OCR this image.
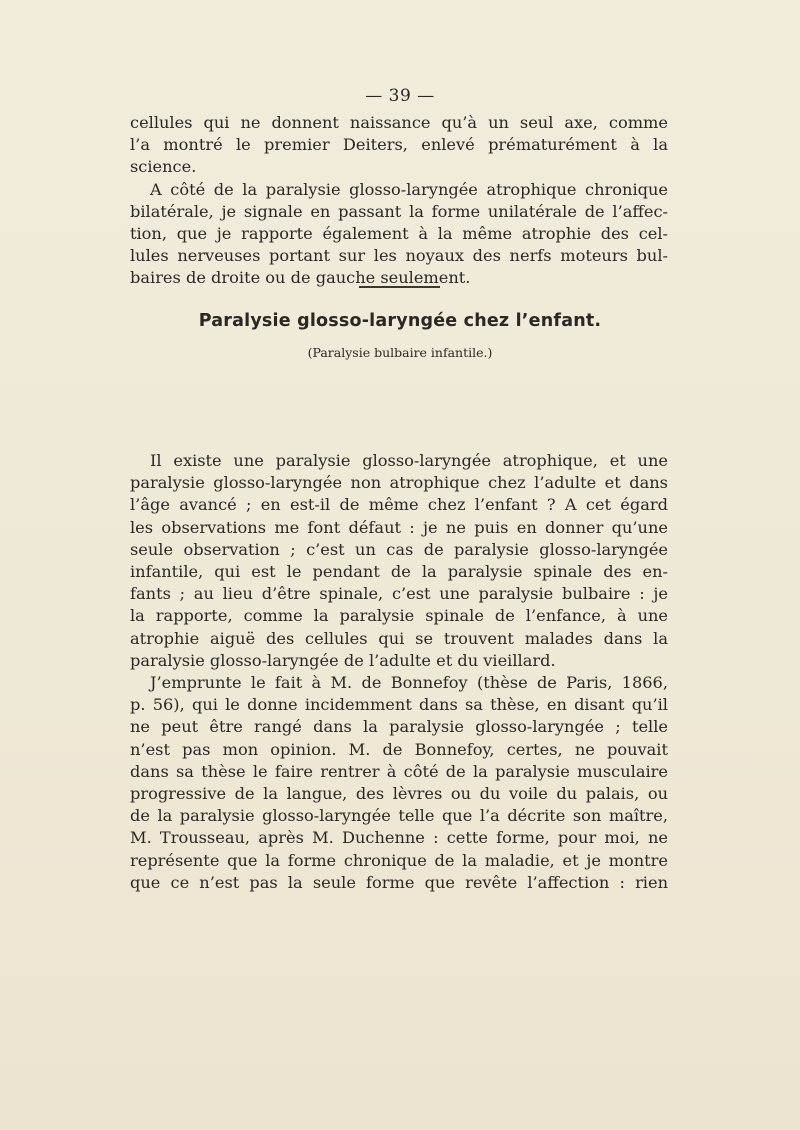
— 39 —
cellules qui ne donnent naissance qu’à un seul axe, comme
l’a montré le premier Deiters, enlevé prématurément à la
science.
A côté de la paralysie glosso-laryngée atrophique chronique
bilatérale, je signale en passant la forme unilatérale de l’affec-
tion, que je rapporte également à la même atrophie des cel-
lules nerveuses portant sur les noyaux des nerfs moteurs bul-
baires de droite ou de gauche seulement.
Paralysie glosso-laryngée chez l’enfant.
(Paralysie bulbaire infantile.)
Il existe une paralysie glosso-laryngée atrophique, et une
paralysie glosso-laryngée non atrophique chez l’adulte et dans
l’âge avancé ; en est-il de même chez l’enfant ? A cet égard
les observations me font défaut : je ne puis en donner qu’une
seule observation ; c’est un cas de paralysie glosso-laryngée
infantile, qui est le pendant de la paralysie spinale des en-
fants ; au lieu d’être spinale, c’est une paralysie bulbaire : je
la rapporte, comme la paralysie spinale de l’enfance, à une
atrophie aiguë des cellules qui se trouvent malades dans la
paralysie glosso-laryngée de l’adulte et du vieillard.
J’emprunte le fait à M. de Bonnefoy (thèse de Paris, 1866,
p. 56), qui le donne incidemment dans sa thèse, en disant qu’il
ne peut être rangé dans la paralysie glosso-laryngée ; telle
n’est pas mon opinion. M. de Bonnefoy, certes, ne pouvait
dans sa thèse le faire rentrer à côté de la paralysie musculaire
progressive de la langue, des lèvres ou du voile du palais, ou
de la paralysie glosso-laryngée telle que l’a décrite son maître,
M. Trousseau, après M. Duchenne : cette forme, pour moi, ne
représente que la forme chronique de la maladie, et je montre
que ce n’est pas la seule forme que revête l’affection : rien
